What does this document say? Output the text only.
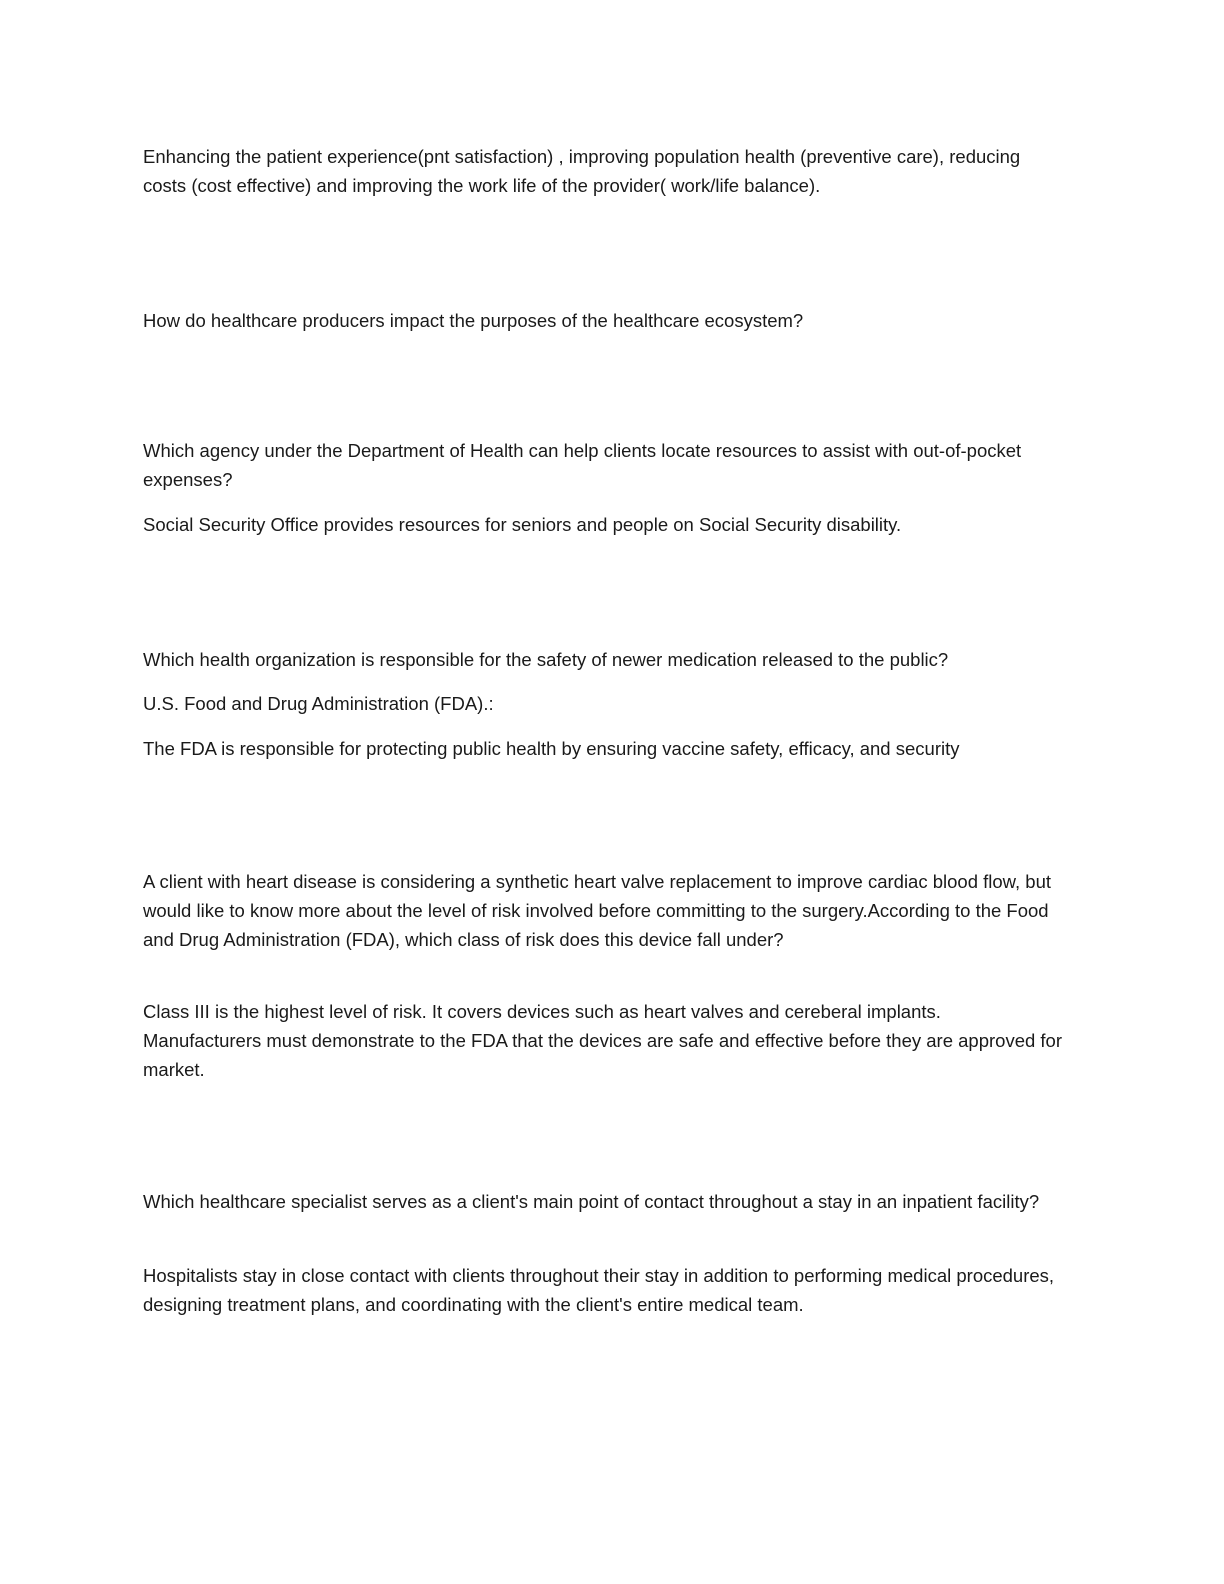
Enhancing the patient experience(pnt satisfaction) , improving population health (preventive care), reducing costs (cost effective) and improving the work life of the provider( work/life balance).

How do healthcare producers impact the purposes of the healthcare ecosystem?

Which agency under the Department of Health can help clients locate resources to assist with out-of-pocket expenses?

Social Security Office provides resources for seniors and people on Social Security disability.

Which health organization is responsible for the safety of newer medication released to the public?

U.S. Food and Drug Administration (FDA).:

The FDA is responsible for protecting public health by ensuring vaccine safety, efficacy, and security

A client with heart disease is considering a synthetic heart valve replacement to improve cardiac blood flow, but would like to know more about the level of risk involved before committing to the surgery.According to the Food and Drug Administration (FDA), which class of risk does this device fall under?

Class III is the highest level of risk. It covers devices such as heart valves and cereberal implants. Manufacturers must demonstrate to the FDA that the devices are safe and effective before they are approved for market.

Which healthcare specialist serves as a client's main point of contact throughout a stay in an inpatient facility?

Hospitalists stay in close contact with clients throughout their stay in addition to performing medical procedures, designing treatment plans, and coordinating with the client's entire medical team.
